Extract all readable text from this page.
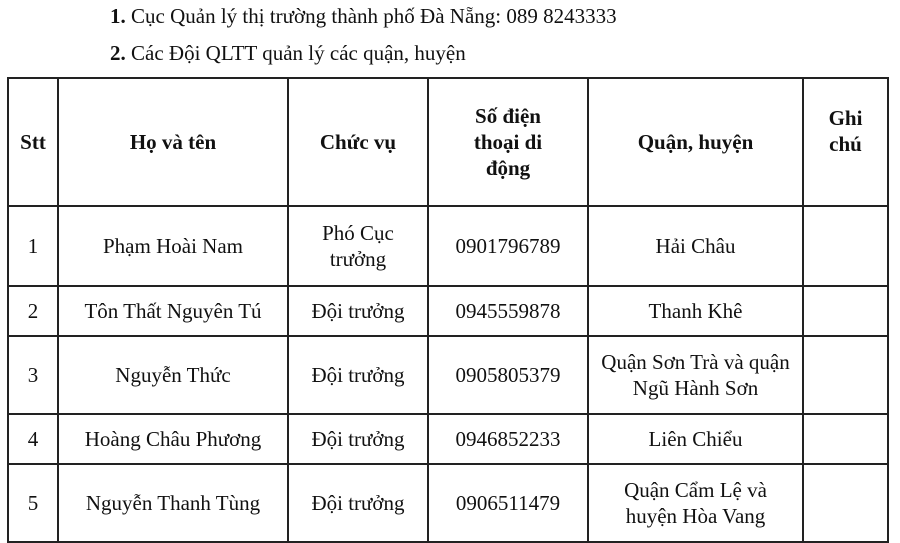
1. Cục Quản lý thị trường thành phố Đà Nẵng: 089 8243333
2. Các Đội QLTT quản lý các quận, huyện
Stt	Họ và tên	Chức vụ	Số điện thoại di động	Quận, huyện	Ghi chú
1	Phạm Hoài Nam	Phó Cục trưởng	0901796789	Hải Châu	
2	Tôn Thất Nguyên Tú	Đội trưởng	0945559878	Thanh Khê	
3	Nguyễn Thức	Đội trưởng	0905805379	Quận Sơn Trà và quận Ngũ Hành Sơn	
4	Hoàng Châu Phương	Đội trưởng	0946852233	Liên Chiểu	
5	Nguyễn Thanh Tùng	Đội trưởng	0906511479	Quận Cẩm Lệ và huyện Hòa Vang	
